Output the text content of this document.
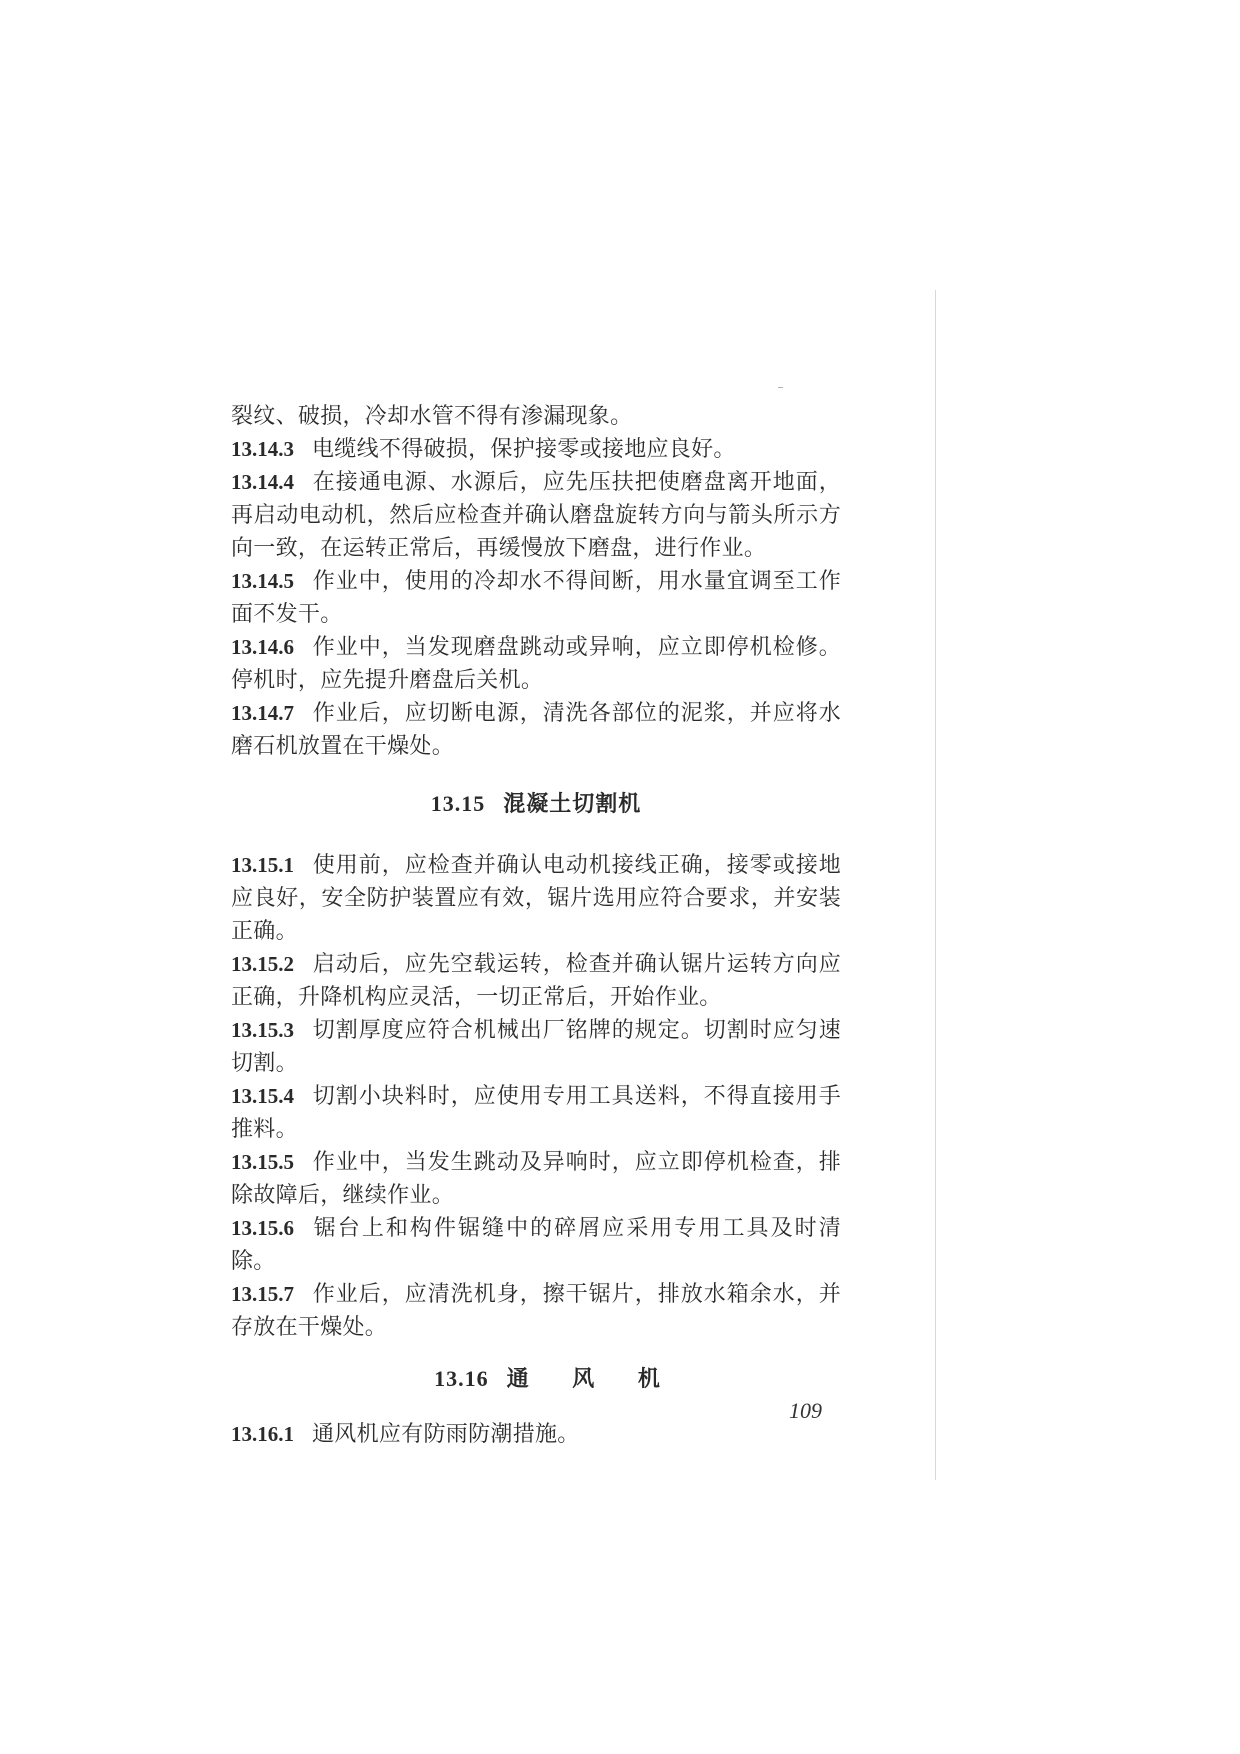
裂纹、破损，冷却水管不得有渗漏现象。

13.14.3 电缆线不得破损，保护接零或接地应良好。

13.14.4 在接通电源、水源后，应先压扶把使磨盘离开地面，再启动电动机，然后应检查并确认磨盘旋转方向与箭头所示方向一致，在运转正常后，再缓慢放下磨盘，进行作业。

13.14.5 作业中，使用的冷却水不得间断，用水量宜调至工作面不发干。

13.14.6 作业中，当发现磨盘跳动或异响，应立即停机检修。停机时，应先提升磨盘后关机。

13.14.7 作业后，应切断电源，清洗各部位的泥浆，并应将水磨石机放置在干燥处。

13.15 混凝土切割机

13.15.1 使用前，应检查并确认电动机接线正确，接零或接地应良好，安全防护装置应有效，锯片选用应符合要求，并安装正确。

13.15.2 启动后，应先空载运转，检查并确认锯片运转方向应正确，升降机构应灵活，一切正常后，开始作业。

13.15.3 切割厚度应符合机械出厂铭牌的规定。切割时应匀速切割。

13.15.4 切割小块料时，应使用专用工具送料，不得直接用手推料。

13.15.5 作业中，当发生跳动及异响时，应立即停机检查，排除故障后，继续作业。

13.15.6 锯台上和构件锯缝中的碎屑应采用专用工具及时清除。

13.15.7 作业后，应清洗机身，擦干锯片，排放水箱余水，并存放在干燥处。

13.16 通 风 机

13.16.1 通风机应有防雨防潮措施。

109
